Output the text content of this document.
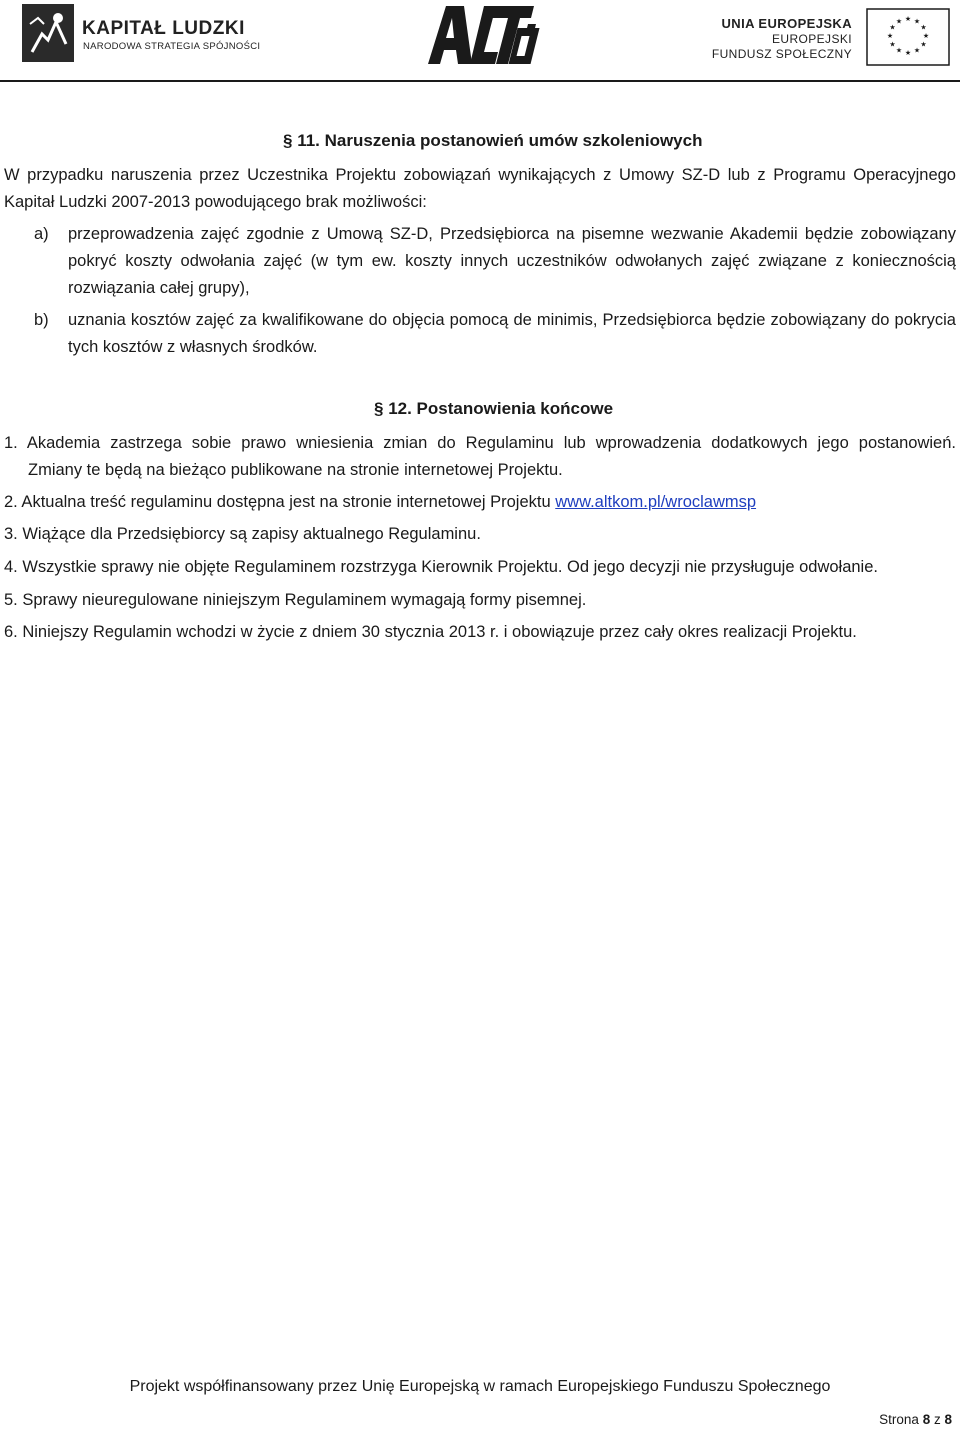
KAPITAŁ LUDZKI
NARODOWA STRATEGIA SPÓJNOŚCI
UNIA EUROPEJSKA
EUROPEJSKI
FUNDUSZ SPOŁECZNY
★ ★
★
★
★
★
★
★
★
★
★
★
§ 11. Naruszenia postanowień umów szkoleniowych
W przypadku naruszenia przez Uczestnika Projektu zobowiązań wynikających z Umowy SZ-D lub z Programu Operacyjnego
Kapitał Ludzki 2007-2013 powodującego brak możliwości:
a) przeprowadzenia zajęć zgodnie z Umową SZ-D, Przedsiębiorca na pisemne wezwanie Akademii będzie zobowiązany
pokryć koszty odwołania zajęć (w tym ew. koszty innych uczestników odwołanych zajęć związane z koniecznością
rozwiązania całej grupy),
b) uznania kosztów zajęć za kwalifikowane do objęcia pomocą de minimis, Przedsiębiorca będzie zobowiązany do pokrycia
tych kosztów z własnych środków.
§ 12. Postanowienia końcowe
1. Akademia zastrzega sobie prawo wniesienia zmian do Regulaminu lub wprowadzenia dodatkowych jego postanowień.
Zmiany te będą na bieżąco publikowane na stronie internetowej Projektu.
2. Aktualna treść regulaminu dostępna jest na stronie internetowej Projektu www.altkom.pl/wroclawmsp
3. Wiążące dla Przedsiębiorcy są zapisy aktualnego Regulaminu.
4. Wszystkie sprawy nie objęte Regulaminem rozstrzyga Kierownik Projektu. Od jego decyzji nie przysługuje odwołanie.
5. Sprawy nieuregulowane niniejszym Regulaminem wymagają formy pisemnej.
6. Niniejszy Regulamin wchodzi w życie z dniem 30 stycznia 2013 r. i obowiązuje przez cały okres realizacji Projektu.
Projekt współfinansowany przez Unię Europejską w ramach Europejskiego Funduszu Społecznego
Strona 8 z 8
